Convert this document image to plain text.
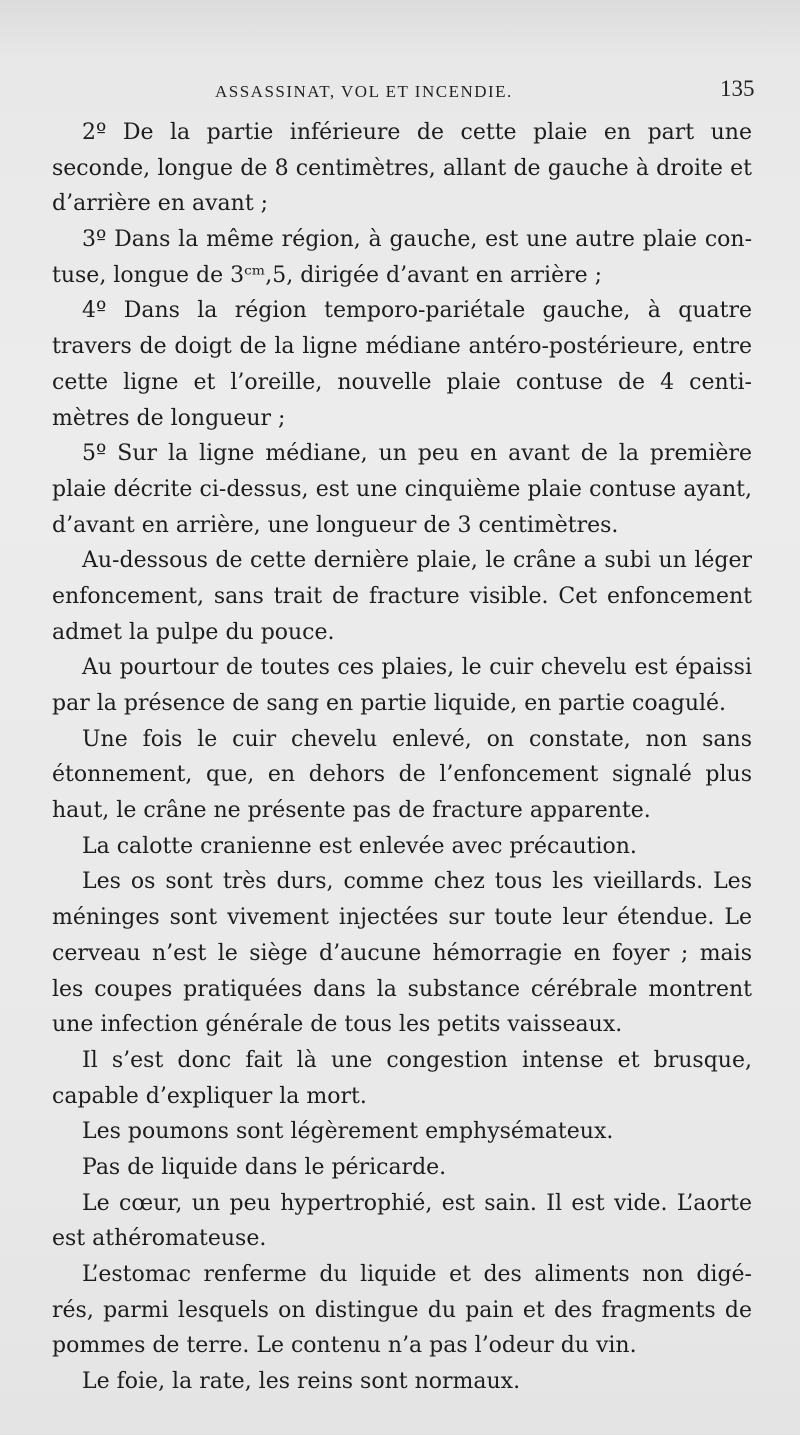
ASSASSINAT, VOL ET INCENDIE.	135
2º De la partie inférieure de cette plaie en part une
seconde, longue de 8 centimètres, allant de gauche à droite et
d’arrière en avant ;
3º Dans la même région, à gauche, est une autre plaie con-
tuse, longue de 3ᶜᵐ,5, dirigée d’avant en arrière ;
4º Dans la région temporo-pariétale gauche, à quatre
travers de doigt de la ligne médiane antéro-postérieure, entre
cette ligne et l’oreille, nouvelle plaie contuse de 4 centi-
mètres de longueur ;
5º Sur la ligne médiane, un peu en avant de la première
plaie décrite ci-dessus, est une cinquième plaie contuse ayant,
d’avant en arrière, une longueur de 3 centimètres.
Au-dessous de cette dernière plaie, le crâne a subi un léger
enfoncement, sans trait de fracture visible. Cet enfoncement
admet la pulpe du pouce.
Au pourtour de toutes ces plaies, le cuir chevelu est épaissi
par la présence de sang en partie liquide, en partie coagulé.
Une fois le cuir chevelu enlevé, on constate, non sans
étonnement, que, en dehors de l’enfoncement signalé plus
haut, le crâne ne présente pas de fracture apparente.
La calotte cranienne est enlevée avec précaution.
Les os sont très durs, comme chez tous les vieillards. Les
méninges sont vivement injectées sur toute leur étendue. Le
cerveau n’est le siège d’aucune hémorragie en foyer ; mais
les coupes pratiquées dans la substance cérébrale montrent
une infection générale de tous les petits vaisseaux.
Il s’est donc fait là une congestion intense et brusque,
capable d’expliquer la mort.
Les poumons sont légèrement emphysémateux.
Pas de liquide dans le péricarde.
Le cœur, un peu hypertrophié, est sain. Il est vide. L’aorte
est athéromateuse.
L’estomac renferme du liquide et des aliments non digé-
rés, parmi lesquels on distingue du pain et des fragments de
pommes de terre. Le contenu n’a pas l’odeur du vin.
Le foie, la rate, les reins sont normaux.
